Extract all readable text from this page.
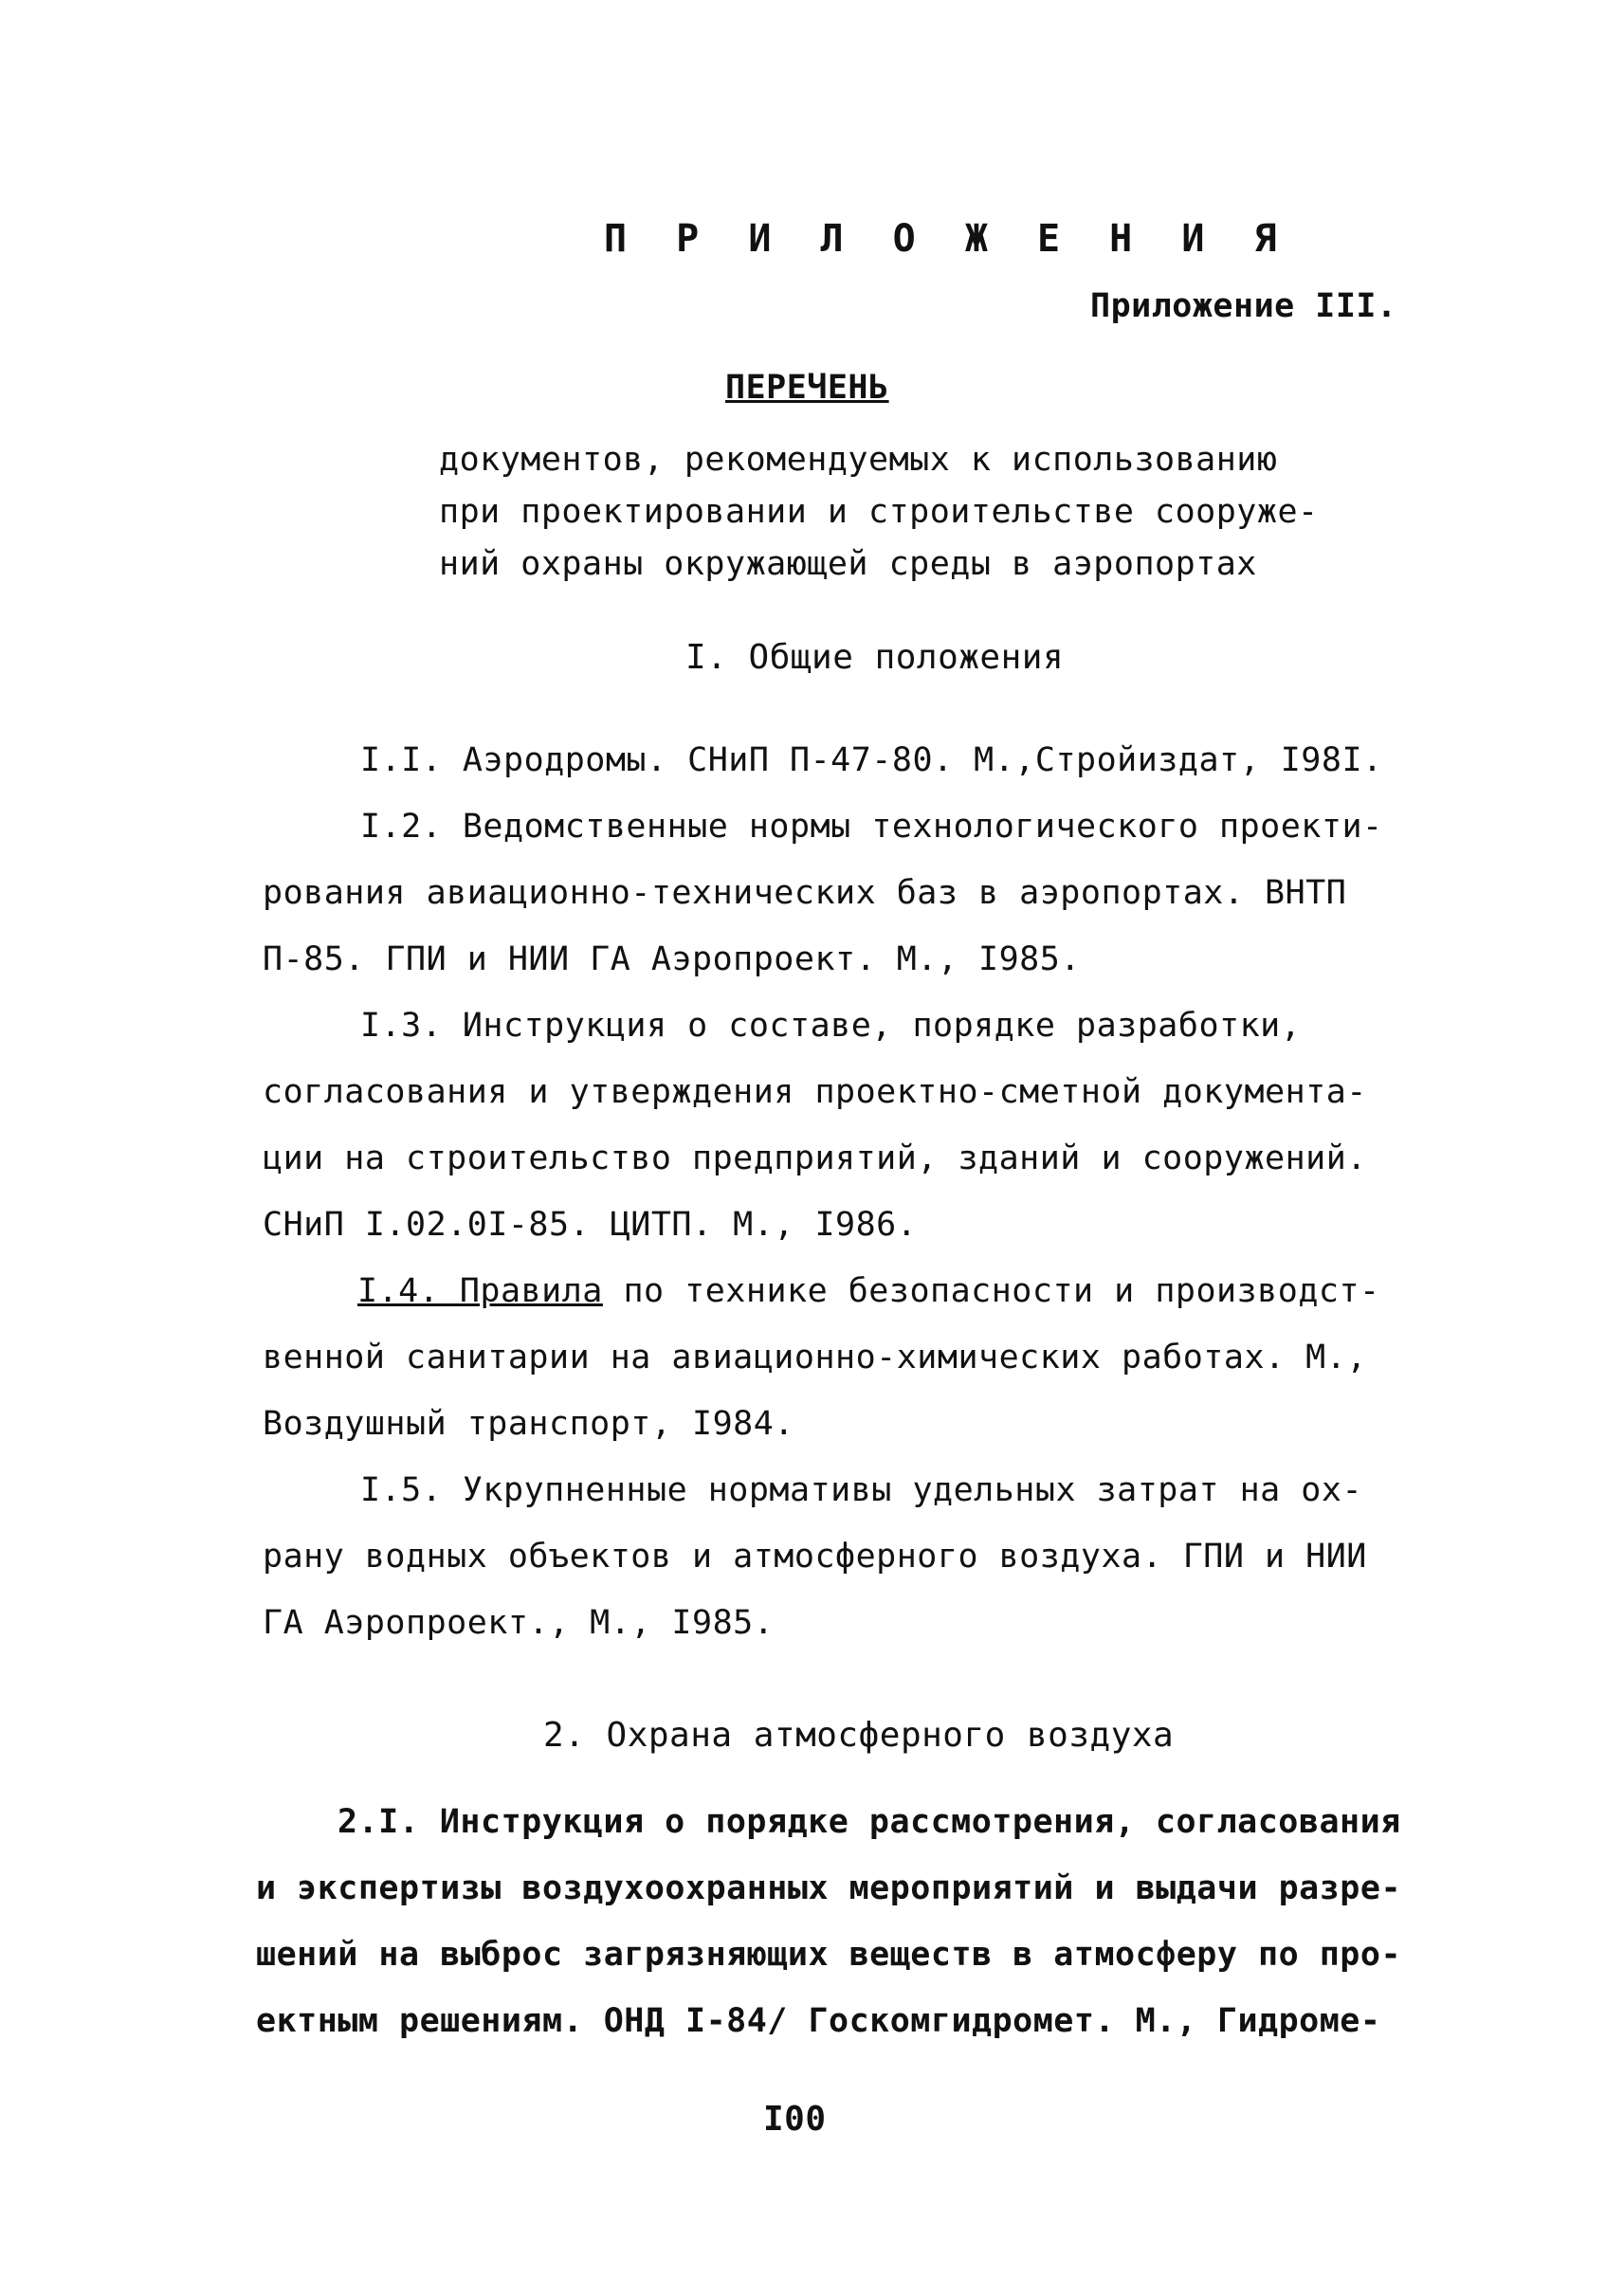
П Р И Л О Ж Е Н И Я
Приложение III.
ПЕРЕЧЕНЬ
документов, рекомендуемых к использованию
при проектировании и строительстве сооруже-
ний охраны окружающей среды в аэропортах
I. Общие положения
I.I. Аэродромы. СНиП П-47-80. М.,Стройиздат, I98I.
I.2. Ведомственные нормы технологического проекти-
рования авиационно-технических баз в аэропортах. ВНТП
П-85. ГПИ и НИИ ГА Аэропроект. М., I985.
I.3. Инструкция о составе, порядке разработки,
согласования и утверждения проектно-сметной документа-
ции на строительство предприятий, зданий и сооружений.
СНиП I.02.0I-85. ЦИТП. М., I986.
I.4. Правила по технике безопасности и производст-
венной санитарии на авиационно-химических работах. М.,
Воздушный транспорт, I984.
I.5. Укрупненные нормативы удельных затрат на ох-
рану водных объектов и атмосферного воздуха. ГПИ и НИИ
ГА Аэропроект., М., I985.
2. Охрана атмосферного воздуха
2.I. Инструкция о порядке рассмотрения, согласования
и экспертизы воздухоохранных мероприятий и выдачи разре-
шений на выброс загрязняющих веществ в атмосферу по про-
ектным решениям. ОНД I-84/ Госкомгидромет. М., Гидроме-
I00
